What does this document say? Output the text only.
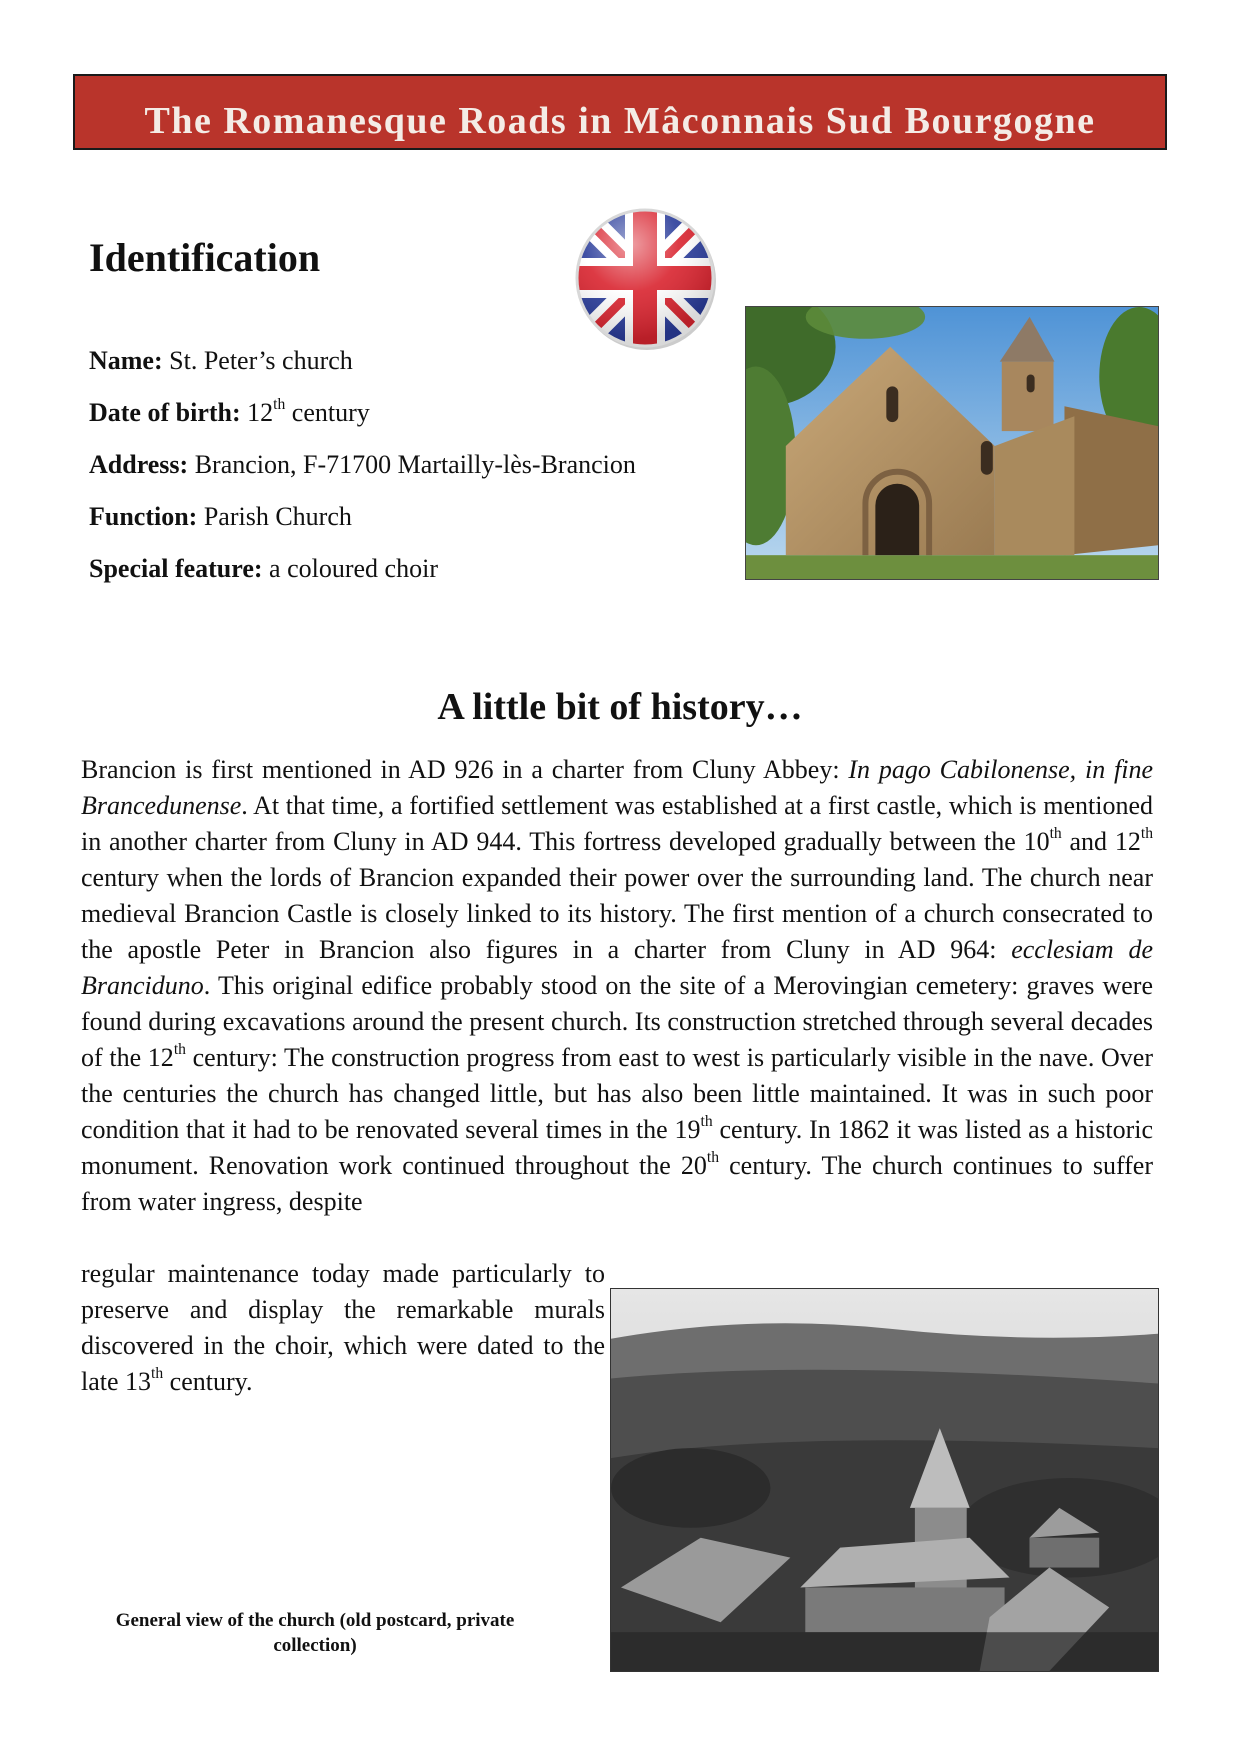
The Romanesque Roads in Mâconnais Sud Bourgogne
Identification
Name: St. Peter’s church
Date of birth: 12th century
Address: Brancion, F-71700 Martailly-lès-Brancion
Function: Parish Church
Special feature: a coloured choir
A little bit of history…

Brancion is first mentioned in AD 926 in a charter from Cluny Abbey: In pago Cabilonense, in fine Brancedunense. At that time, a fortified settlement was established at a first castle, which is mentioned in another charter from Cluny in AD 944. This fortress developed gradually between the 10th and 12th century when the lords of Brancion expanded their power over the surrounding land. The church near medieval Brancion Castle is closely linked to its history. The first mention of a church consecrated to the apostle Peter in Brancion also figures in a charter from Cluny in AD 964: ecclesiam de Branciduno. This original edifice probably stood on the site of a Merovingian cemetery: graves were found during excavations around the present church. Its construction stretched through several decades of the 12th century: The construction progress from east to west is particularly visible in the nave. Over the centuries the church has changed little, but has also been little maintained. It was in such poor condition that it had to be renovated several times in the 19th century. In 1862 it was listed as a historic monument. Renovation work continued throughout the 20th century. The church continues to suffer from water ingress, despite

regular maintenance today made particularly to preserve and display the remarkable murals discovered in the choir, which were dated to the late 13th century.

General view of the church (old postcard, private collection)
